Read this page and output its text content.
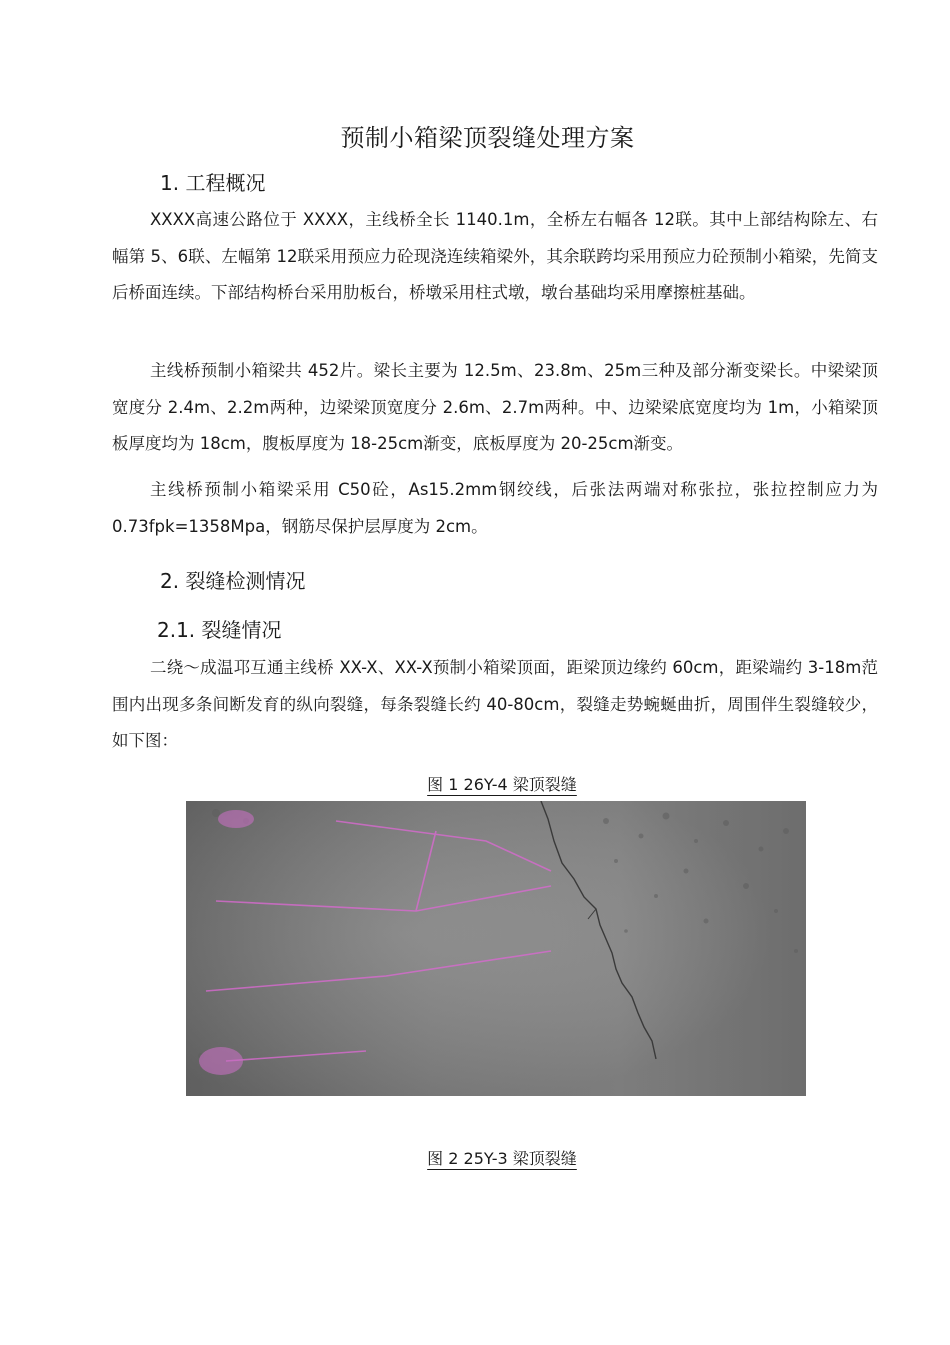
预制小箱梁顶裂缝处理方案
1. 工程概况

XXXX高速公路位于 XXXX，主线桥全长 1140.1m，全桥左右幅各 12联。其中上部结构除左、右幅第 5、6联、左幅第 12联采用预应力砼现浇连续箱梁外，其余联跨均采用预应力砼预制小箱梁，先简支后桥面连续。下部结构桥台采用肋板台，桥墩采用柱式墩，墩台基础均采用摩擦桩基础。

主线桥预制小箱梁共 452片。梁长主要为 12.5m、23.8m、25m三种及部分渐变梁长。中梁梁顶宽度分 2.4m、2.2m两种，边梁梁顶宽度分 2.6m、2.7m两种。中、边梁梁底宽度均为 1m，小箱梁顶板厚度均为 18cm，腹板厚度为 18-25cm渐变，底板厚度为 20-25cm渐变。

主线桥预制小箱梁采用 C50砼，As15.2mm钢绞线，后张法两端对称张拉，张拉控制应力为 0.73fpk=1358Mpa，钢筋尽保护层厚度为 2cm。

2. 裂缝检测情况
2.1. 裂缝情况

二绕～成温邛互通主线桥 XX-X、XX-X预制小箱梁顶面，距梁顶边缘约 60cm，距梁端约 3-18m范围内出现多条间断发育的纵向裂缝，每条裂缝长约 40-80cm，裂缝走势蜿蜒曲折，周围伴生裂缝较少，如下图：

图 1 26Y-4 梁顶裂缝
图 2 25Y-3 梁顶裂缝
